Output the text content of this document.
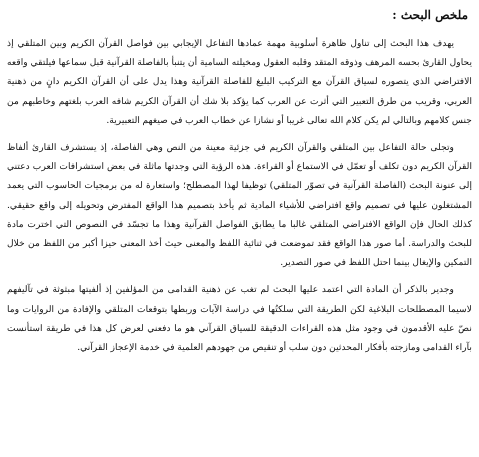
ملخص البحث :

يهدف هذا البحث إلى تناول ظاهرة أسلوبية مهمة عمادها التفاعل الإيجابي بين فواصل القرآن الكريم وبين المتلقي إذ يحاول القارئ بحسه المرهف وذوقه المتقد وقلبه العقول ومخيلته السامية أن يتنبأ بالفاصلة القرآنية قبل سماعها فيلتقي واقعه الافتراضي الذي يتصوره لسياق القرآن مع التركيب البليغ للفاصلة القرآنية وهذا يدل على أن القرآن الكريم دانٍ من ذهنية العربي، وقريب من طرق التعبير التي أثرت عن العرب كما يؤكد بلا شك أن القرآن الكريم شافه العرب بلغتهم وخاطبهم من جنس كلامهم وبالتالي لم يكن كلام الله تعالى غريبا أو نشازا عن خطاب العرب في صيغهم التعبيرية.

وتجلى حالة التفاعل بين المتلقي والقرآن الكريم في جزئية معينة من النص وهي الفاصلة، إذ يستشرف القارئ ألفاظ القرآن الكريم دون تكلف أو تعمّل في الاستماع أو القراءة. هذه الرؤية التي وجدتها ماثلة في بعض استشرافات العرب دعتني إلى عنونة البحث (الفاصلة القرآنية في تصوّر المتلقي) توظيفا لهذا المصطلح؛ واستعارة له من برمجيات الحاسوب التي يعمد المشتغلون عليها في تصميم واقع افتراضي للأشياء المادية ثم يأخذ بتصميم هذا الواقع المفترض وتحويله إلى واقع حقيقي. كذلك الحال فإن الواقع الافتراضي المتلقي غالبا ما يطابق الفواصل القرآنية وهذا ما تجسّد في النصوص التي اخترت مادة للبحث والدراسة. أما صور هذا الواقع فقد تموضعت في ثنائية اللفظ والمعنى حيث أخذ المعنى حيزا أكبر من اللفظ من خلال التمكين والإيغال بينما احتل اللفظ في صور التصدير.

وجدير بالذكر أن المادة التي اعتمد عليها البحث لم تغب عن ذهنية القدامى من المؤلفين إذ ألفيتها مبثوثة في تآليفهم لاسيما المصطلحات البلاغية لكن الطريقة التي سلكتُها في دراسة الآيات وربطها بتوقعات المتلقي والإفادة من الروايات وما نصّ عليه الأقدمون في وجود مثل هذه القراءات الدقيقة للسياق القرآني هو ما دفعني لعرض كل هذا في طريقة استأنست بآراء القدامى ومازجته بأفكار المحدثين دون سلب أو تنقيص من جهودهم العلمية في خدمة الإعجاز القرآني.
